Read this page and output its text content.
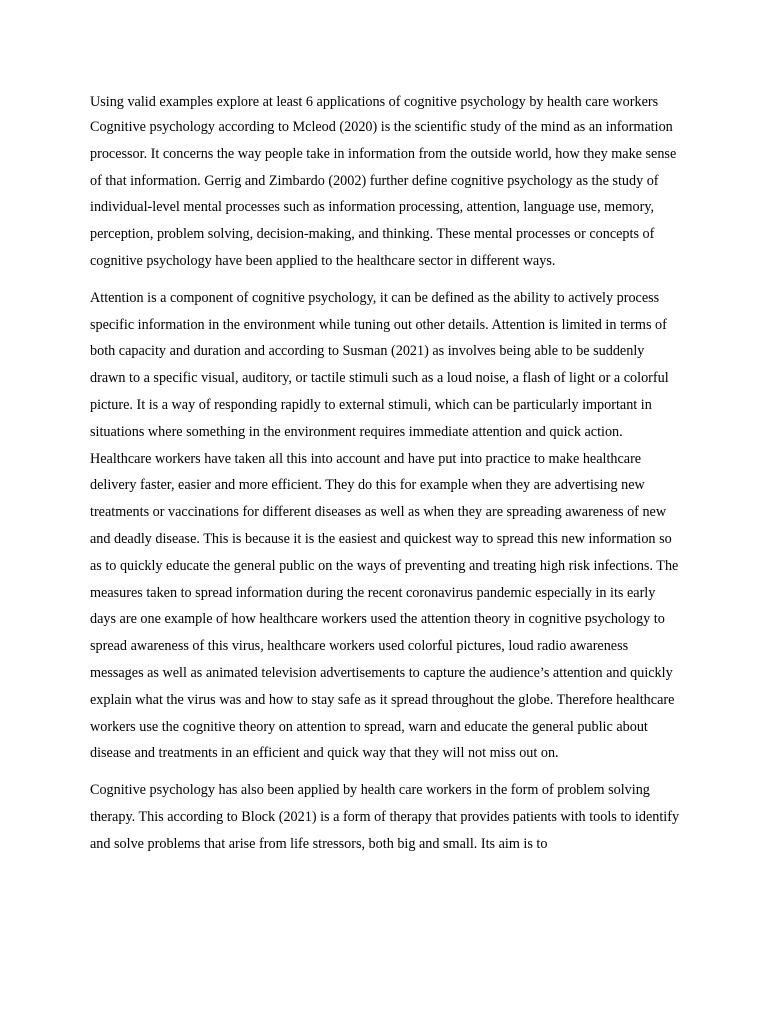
Using valid examples explore at least 6 applications of cognitive psychology by health care workers

Cognitive psychology according to Mcleod (2020) is the scientific study of the mind as an information processor. It concerns the way people take in information from the outside world, how they make sense of that information. Gerrig and Zimbardo (2002) further define cognitive psychology as the study of individual-level mental processes such as information processing, attention, language use, memory, perception, problem solving, decision-making, and thinking. These mental processes or concepts of cognitive psychology have been applied to the healthcare sector in different ways.

Attention is a component of cognitive psychology, it can be defined as the ability to actively process specific information in the environment while tuning out other details. Attention is limited in terms of both capacity and duration and according to Susman (2021) as involves being able to be suddenly drawn to a specific visual, auditory, or tactile stimuli such as a loud noise, a flash of light or a colorful picture. It is a way of responding rapidly to external stimuli, which can be particularly important in situations where something in the environment requires immediate attention and quick action. Healthcare workers have taken all this into account and have put into practice to make healthcare delivery faster, easier and more efficient. They do this for example when they are advertising new treatments or vaccinations for different diseases as well as when they are spreading awareness of new and deadly disease. This is because it is the easiest and quickest way to spread this new information so as to quickly educate the general public on the ways of preventing and treating high risk infections. The measures taken to spread information during the recent coronavirus pandemic especially in its early days are one example of how healthcare workers used the attention theory in cognitive psychology to spread awareness of this virus, healthcare workers used colorful pictures, loud radio awareness messages as well as animated television advertisements to capture the audience’s attention and quickly explain what the virus was and how to stay safe as it spread throughout the globe. Therefore healthcare workers use the cognitive theory on attention to spread, warn and educate the general public about disease and treatments in an efficient and quick way that they will not miss out on.

Cognitive psychology has also been applied by health care workers in the form of problem solving therapy. This according to Block (2021) is a form of therapy that provides patients with tools to identify and solve problems that arise from life stressors, both big and small. Its aim is to
